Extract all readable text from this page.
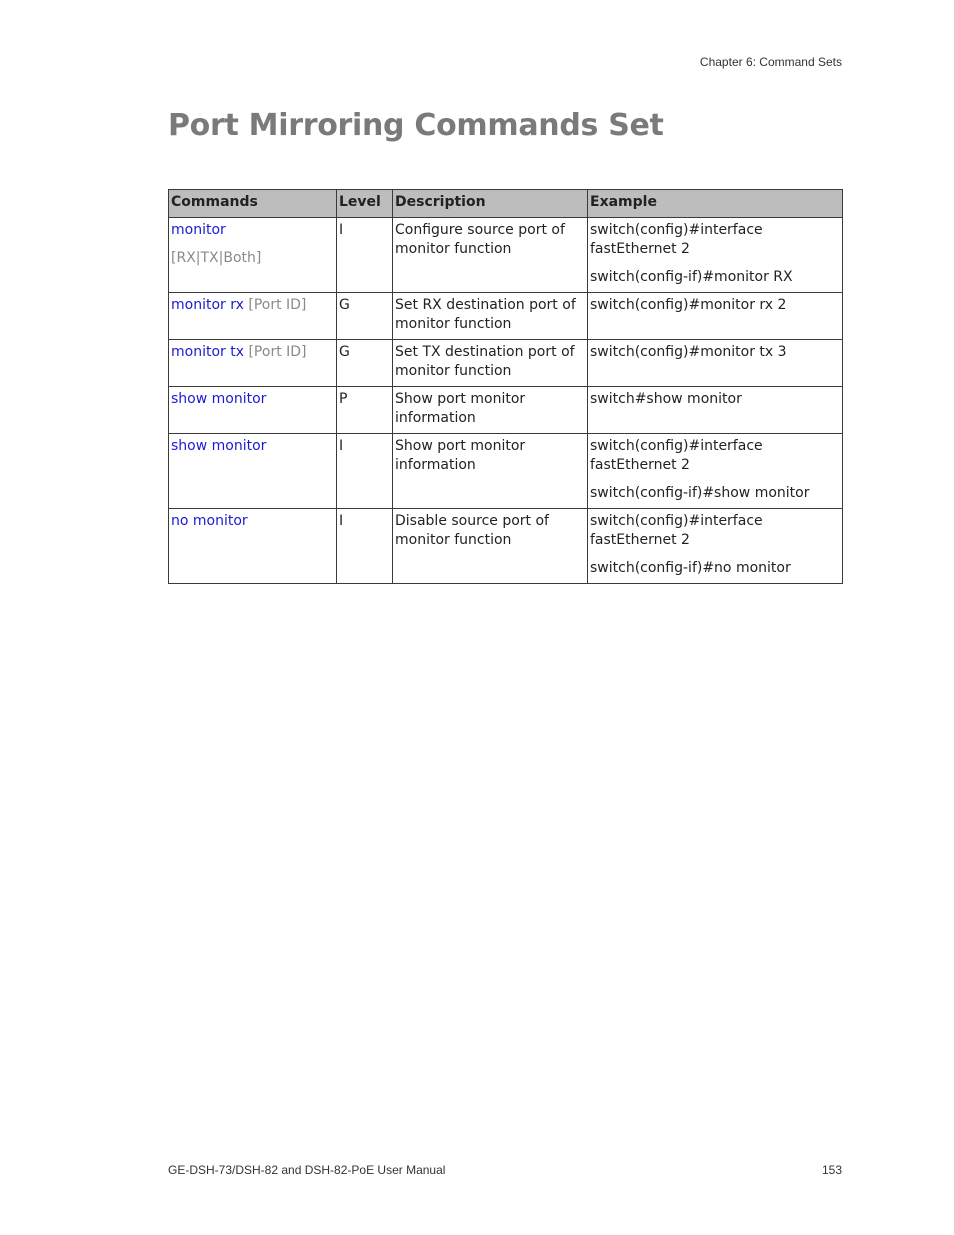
Chapter 6: Command Sets
Port Mirroring Commands Set
Commands	Level	Description	Example
monitor
[RX|TX|Both]	I	Configure source port of monitor function	switch(config)#interface fastEthernet 2
switch(config-if)#monitor RX

monitor rx [Port ID]	G	Set RX destination port of monitor function	switch(config)#monitor rx 2

monitor tx [Port ID]	G	Set TX destination port of monitor function	switch(config)#monitor tx 3

show monitor	P	Show port monitor information	switch#show monitor

show monitor	I	Show port monitor information	switch(config)#interface fastEthernet 2
switch(config-if)#show monitor

no monitor	I	Disable source port of monitor function	switch(config)#interface fastEthernet 2
switch(config-if)#no monitor
GE-DSH-73/DSH-82 and DSH-82-PoE User Manual	153
